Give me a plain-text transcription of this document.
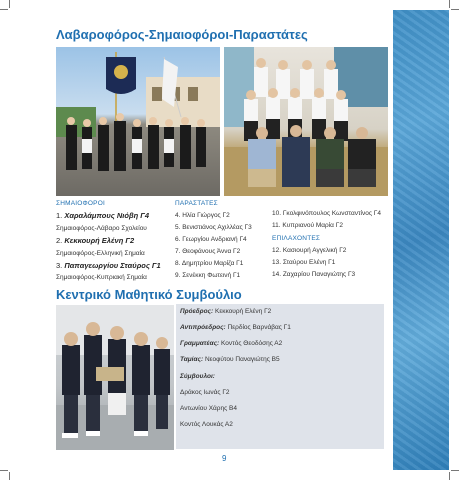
Λαβαροφόρος-Σημαιοφόροι-Παραστάτες
ΣΗΜΑΙΟΦΟΡΟΙ
1. Χαραλάμπους Νιόβη Γ4
Σημαιοφόρος-Λάβαρο Σχολείου
2. Κεκκουρή Ελένη Γ2
Σημαιοφόρος-Ελληνική Σημαία
3. Παπαγεωργίου Σταύρος Γ1
Σημαιοφόρος-Κυπριακή Σημαία
ΠΑΡΑΣΤΑΤΕΣ
4. Ηλία Γιώργος Γ2
5. Βενιστιάνος Αχιλλέας Γ3
6. Γεωργίου Ανδριανή Γ4
7. Θεοφάνους Άννα Γ2
8. Δημητρίου Μαρίζα Γ1
9. Σενέκκη Φωτεινή Γ1
10. Γκολφινόπουλος Κωνσταντίνος Γ4
11. Κυπριανού Μαρία Γ2
ΕΠΙΛΑΧΟΝΤΕΣ
12. Κασιουρή Αγγελική Γ2
13. Σταύρου Ελένη Γ1
14. Ζαχαρίου Παναγιώτης Γ3
Κεντρικό Μαθητικό Συμβούλιο
Πρόεδρος: Κεκκουρή Ελένη Γ2
Αντιπρόεδρος: Περδίος Βαρνάβας Γ1
Γραμματέας: Κοντός Θεοδόσης Α2
Ταμίας: Νεοφύτου Παναγιώτης Β5
Σύμβουλοι:
Δράκος Ιωνάς Γ2
Αντωνίου Χάρης Β4
Κοντός Λουκάς Α2
9
